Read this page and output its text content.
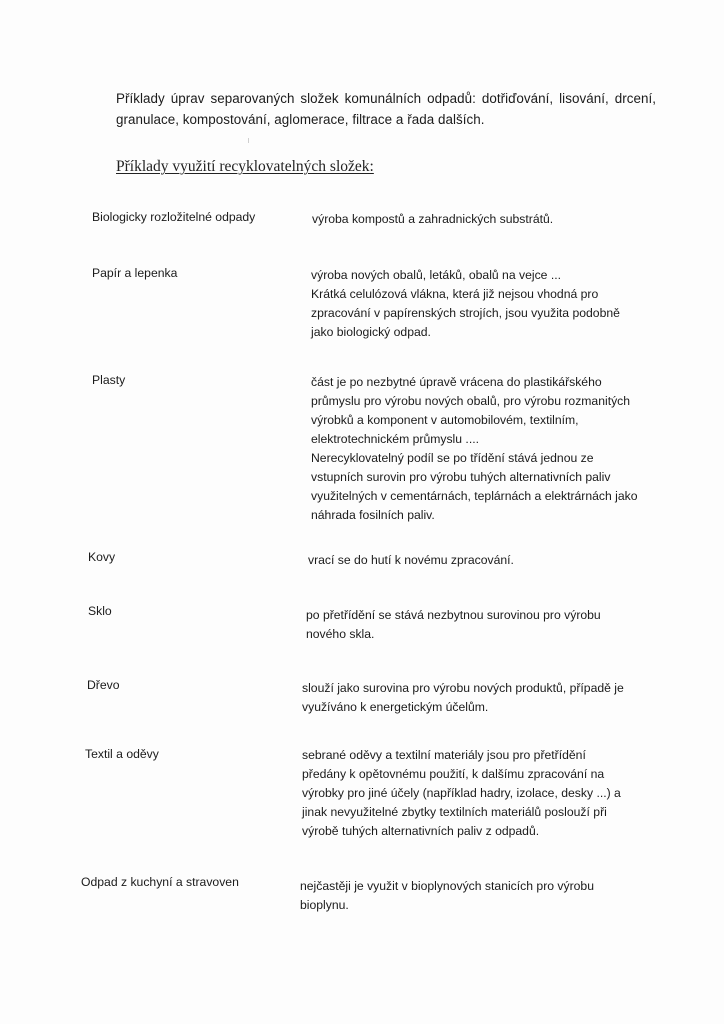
Příklady úprav separovaných složek komunálních odpadů: dotřiďování, lisování, drcení, granulace, kompostování, aglomerace, filtrace a řada dalších.

Příklady využití recyklovatelných složek:

Biologicky rozložitelné odpady	výroba kompostů a zahradnických substrátů.

Papír a lepenka	výroba nových obalů, letáků, obalů na vejce ...
Krátká celulózová vlákna, která již nejsou vhodná pro
zpracování v papírenských strojích, jsou využita podobně
jako biologický odpad.

Plasty	část je po nezbytné úpravě vrácena do plastikářského
průmyslu pro výrobu nových obalů, pro výrobu rozmanitých
výrobků a komponent v automobilovém, textilním,
elektrotechnickém průmyslu ....
Nerecyklovatelný podíl se po třídění stává jednou ze
vstupních surovin pro výrobu tuhých alternativních paliv
využitelných v cementárnách, teplárnách a elektrárnách jako
náhrada fosilních paliv.

Kovy	vrací se do hutí k novému zpracování.

Sklo	po přetřídění se stává nezbytnou surovinou pro výrobu
nového skla.

Dřevo	slouží jako surovina pro výrobu nových produktů, případě je
využíváno k energetickým účelům.

Textil a oděvy	sebrané oděvy a textilní materiály jsou pro přetřídění
předány k opětovnému použití, k dalšímu zpracování na
výrobky pro jiné účely (například hadry, izolace, desky ...) a
jinak nevyužitelné zbytky textilních materiálů poslouží při
výrobě tuhých alternativních paliv z odpadů.

Odpad z kuchyní a stravoven	nejčastěji je využit v bioplynových stanicích pro výrobu
bioplynu.
